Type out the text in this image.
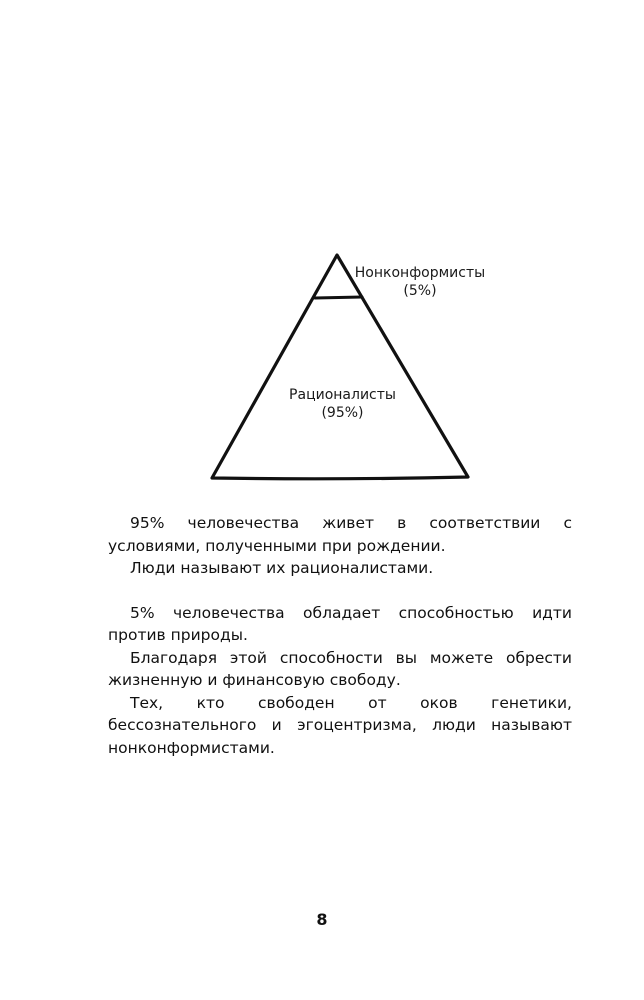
Нонконформисты
(5%)
Рационалисты
(95%)

95% человечества живет в соответствии с условиями, полученными при рождении.

Люди называют их рационалистами.

5% человечества обладает способностью идти против природы.

Благодаря этой способности вы можете обрести жизненную и финансовую свободу.

Тех, кто свободен от оков генетики, бессознательного и эгоцентризма, люди называют нонконформистами.

8
